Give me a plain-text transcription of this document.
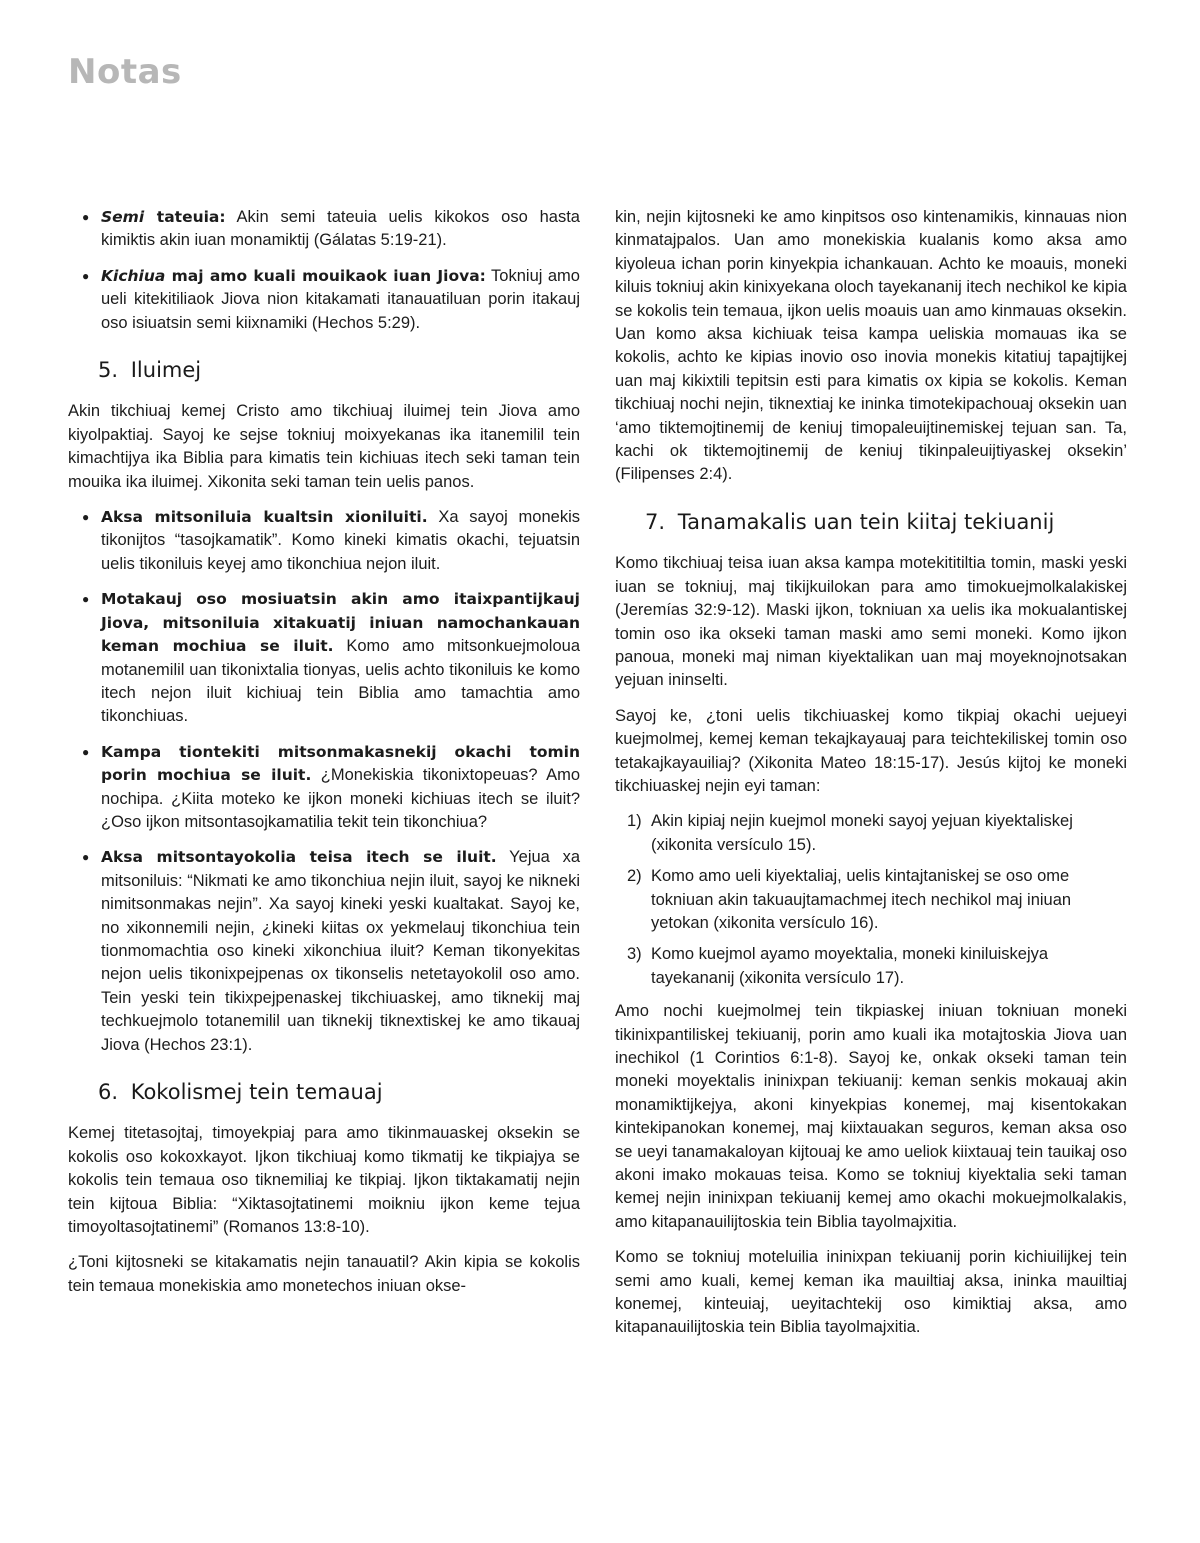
Notas
● Semi tateuia: Akin semi tateuia uelis kikokos oso hasta kimiktis akin iuan monamiktij (Gálatas 5:19-21).
● Kichiua maj amo kuali mouikaok iuan Jiova: Tokniuj amo ueli kitekitiliaok Jiova nion kitakamati itanauatiluan porin itakauj oso isiuatsin semi kiixnamiki (Hechos 5:29).
5. Iluimej

Akin tikchiuaj kemej Cristo amo tikchiuaj iluimej tein Jiova amo kiyolpaktiaj. Sayoj ke sejse tokniuj moixyekanas ika itanemilil tein kimachtijya ika Biblia para kimatis tein kichiuas itech seki taman tein mouika ika iluimej. Xikonita seki taman tein uelis panos.

● Aksa mitsoniluia kualtsin xioniluiti. Xa sayoj monekis tikonijtos “tasojkamatik”. Komo kineki kimatis okachi, tejuatsin uelis tikoniluis keyej amo tikonchiua nejon iluit.
● Motakauj oso mosiuatsin akin amo itaixpantijkauj Jiova, mitsoniluia xitakuatij iniuan namochankauan keman mochiua se iluit. Komo amo mitsonkuejmoloua motanemilil uan tikonixtalia tionyas, uelis achto tikoniluis ke komo itech nejon iluit kichiuaj tein Biblia amo tamachtia amo tikonchiuas.
● Kampa tiontekiti mitsonmakasnekij okachi tomin porin mochiua se iluit. ¿Monekiskia tikonixtopeuas? Amo nochipa. ¿Kiita moteko ke ijkon moneki kichiuas itech se iluit? ¿Oso ijkon mitsontasojkamatilia tekit tein tikonchiua?
● Aksa mitsontayokolia teisa itech se iluit. Yejua xa mitsoniluis: “Nikmati ke amo tikonchiua nejin iluit, sayoj ke nikneki nimitsonmakas nejin”. Xa sayoj kineki yeski kualtakat. Sayoj ke, no xikonnemili nejin, ¿kineki kiitas ox yekmelauj tikonchiua tein tionmomachtia oso kineki xikonchiua iluit? Keman tikonyekitas nejon uelis tikonixpejpenas ox tikonselis netetayokolil oso amo. Tein yeski tein tikixpejpenaskej tikchiuaskej, amo tiknekij maj techkuejmolo totanemilil uan tiknekij tiknextiskej ke amo tikauaj Jiova (Hechos 23:1).
6. Kokolismej tein temauaj

Kemej titetasojtaj, timoyekpiaj para amo tikinmauaskej oksekin se kokolis oso kokoxkayot. Ijkon tikchiuaj komo tikmatij ke tikpiajya se kokolis tein temaua oso tiknemiliaj ke tikpiaj. Ijkon tiktakamatij nejin tein kijtoua Biblia: “Xiktasojtatinemi moikniu ijkon keme tejua timoyoltasojtatinemi” (Romanos 13:8-10).

¿Toni kijtosneki se kitakamatis nejin tanauatil? Akin kipia se kokolis tein temaua monekiskia amo monetechos iniuan okse-

kin, nejin kijtosneki ke amo kinpitsos oso kintenamikis, kinnauas nion kinmatajpalos. Uan amo monekiskia kualanis komo aksa amo kiyoleua ichan porin kinyekpia ichankauan. Achto ke moauis, moneki kiluis tokniuj akin kinixyekana oloch tayekananij itech nechikol ke kipia se kokolis tein temaua, ijkon uelis moauis uan amo kinmauas oksekin. Uan komo aksa kichiuak teisa kampa ueliskia momauas ika se kokolis, achto ke kipias inovio oso inovia monekis kitatiuj tapajtijkej uan maj kikixtili tepitsin esti para kimatis ox kipia se kokolis. Keman tikchiuaj nochi nejin, tiknextiaj ke ininka timotekipachouaj oksekin uan ‘amo tiktemojtinemij de keniuj timopaleuijtinemiskej tejuan san. Ta, kachi ok tiktemojtinemij de keniuj tikinpaleuijtiyaskej oksekin’ (Filipenses 2:4).

7. Tanamakalis uan tein kiitaj tekiuanij

Komo tikchiuaj teisa iuan aksa kampa motekititiltia tomin, maski yeski iuan se tokniuj, maj tikijkuilokan para amo timokuejmolkalakiskej (Jeremías 32:9-12). Maski ijkon, tokniuan xa uelis ika mokualantiskej tomin oso ika okseki taman maski amo semi moneki. Komo ijkon panoua, moneki maj niman kiyektalikan uan maj moyeknojnotsakan yejuan ininselti.

Sayoj ke, ¿toni uelis tikchiuaskej komo tikpiaj okachi uejueyi kuejmolmej, kemej keman tekajkayauaj para teichtekiliskej tomin oso tetakajkayauiliaj? (Xikonita Mateo 18:15-17). Jesús kijtoj ke moneki tikchiuaskej nejin eyi taman:

1) Akin kipiaj nejin kuejmol moneki sayoj yejuan kiyektaliskej (xikonita versículo 15).
2) Komo amo ueli kiyektaliaj, uelis kintajtaniskej se oso ome tokniuan akin takuaujtamachmej itech nechikol maj iniuan yetokan (xikonita versículo 16).
3) Komo kuejmol ayamo moyektalia, moneki kiniluiskejya tayekananij (xikonita versículo 17).

Amo nochi kuejmolmej tein tikpiaskej iniuan tokniuan moneki tikinixpantiliskej tekiuanij, porin amo kuali ika motajtoskia Jiova uan inechikol (1 Corintios 6:1-8). Sayoj ke, onkak okseki taman tein moneki moyektalis ininixpan tekiuanij: keman senkis mokauaj akin monamiktijkejya, akoni kinyekpias konemej, maj kisentokakan kintekipanokan konemej, maj kiixtauakan seguros, keman aksa oso se ueyi tanamakaloyan kijtouaj ke amo ueliok kiixtauaj tein tauikaj oso akoni imako mokauas teisa. Komo se tokniuj kiyektalia seki taman kemej nejin ininixpan tekiuanij kemej amo okachi mokuejmolkalakis, amo kitapanauilijtoskia tein Biblia tayolmajxitia.

Komo se tokniuj moteluilia ininixpan tekiuanij porin kichiuilijkej tein semi amo kuali, kemej keman ika mauiltiaj aksa, ininka mauiltiaj konemej, kinteuiaj, ueyitachtekij oso kimiktiaj aksa, amo kitapanauilijtoskia tein Biblia tayolmajxitia.
